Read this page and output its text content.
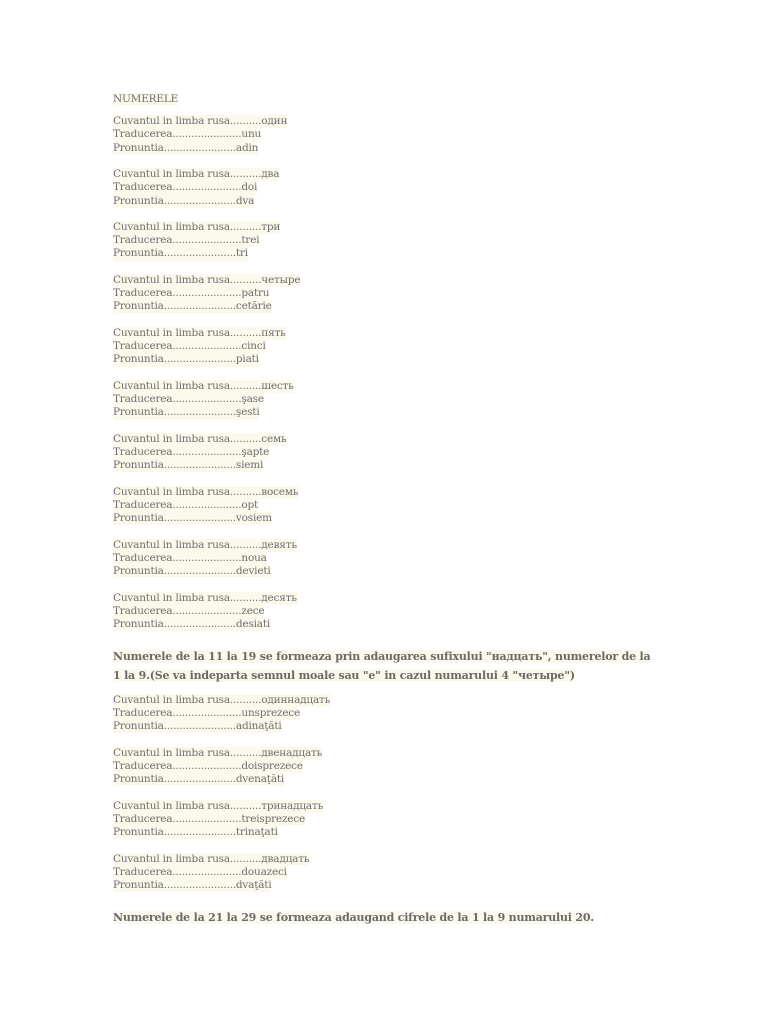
NUMERELE
Cuvantul in limba rusa..........один
Traducerea......................unu
Pronuntia.......................adin
Cuvantul in limba rusa..........два
Traducerea......................doi
Pronuntia.......................dva
Cuvantul in limba rusa..........три
Traducerea......................trei
Pronuntia.......................tri
Cuvantul in limba rusa..........четыре
Traducerea......................patru
Pronuntia.......................cetărie
Cuvantul in limba rusa..........пять
Traducerea......................cinci
Pronuntia.......................piati
Cuvantul in limba rusa..........шесть
Traducerea......................şase
Pronuntia.......................şesti
Cuvantul in limba rusa..........семь
Traducerea......................şapte
Pronuntia.......................siemi
Cuvantul in limba rusa..........восемь
Traducerea......................opt
Pronuntia.......................vosiem
Cuvantul in limba rusa..........девять
Traducerea......................noua
Pronuntia.......................devieti
Cuvantul in limba rusa..........десять
Traducerea......................zece
Pronuntia.......................desiati
Numerele de la 11 la 19 se formeaza prin adaugarea sufixului "надцать", numerelor de la 1 la 9.(Se va indeparta semnul moale sau "e" in cazul numarului 4 "четыре")
Cuvantul in limba rusa..........одиннадцать
Traducerea......................unsprezece
Pronuntia.......................adinaţăti
Cuvantul in limba rusa..........двенадцать
Traducerea......................doisprezece
Pronuntia.......................dvenaţăti
Cuvantul in limba rusa..........тринадцать
Traducerea......................treisprezece
Pronuntia.......................trinaţati
Cuvantul in limba rusa..........двадцать
Traducerea......................douazeci
Pronuntia.......................dvaţăti
Numerele de la 21 la 29 se formeaza adaugand cifrele de la 1 la 9 numarului 20.
